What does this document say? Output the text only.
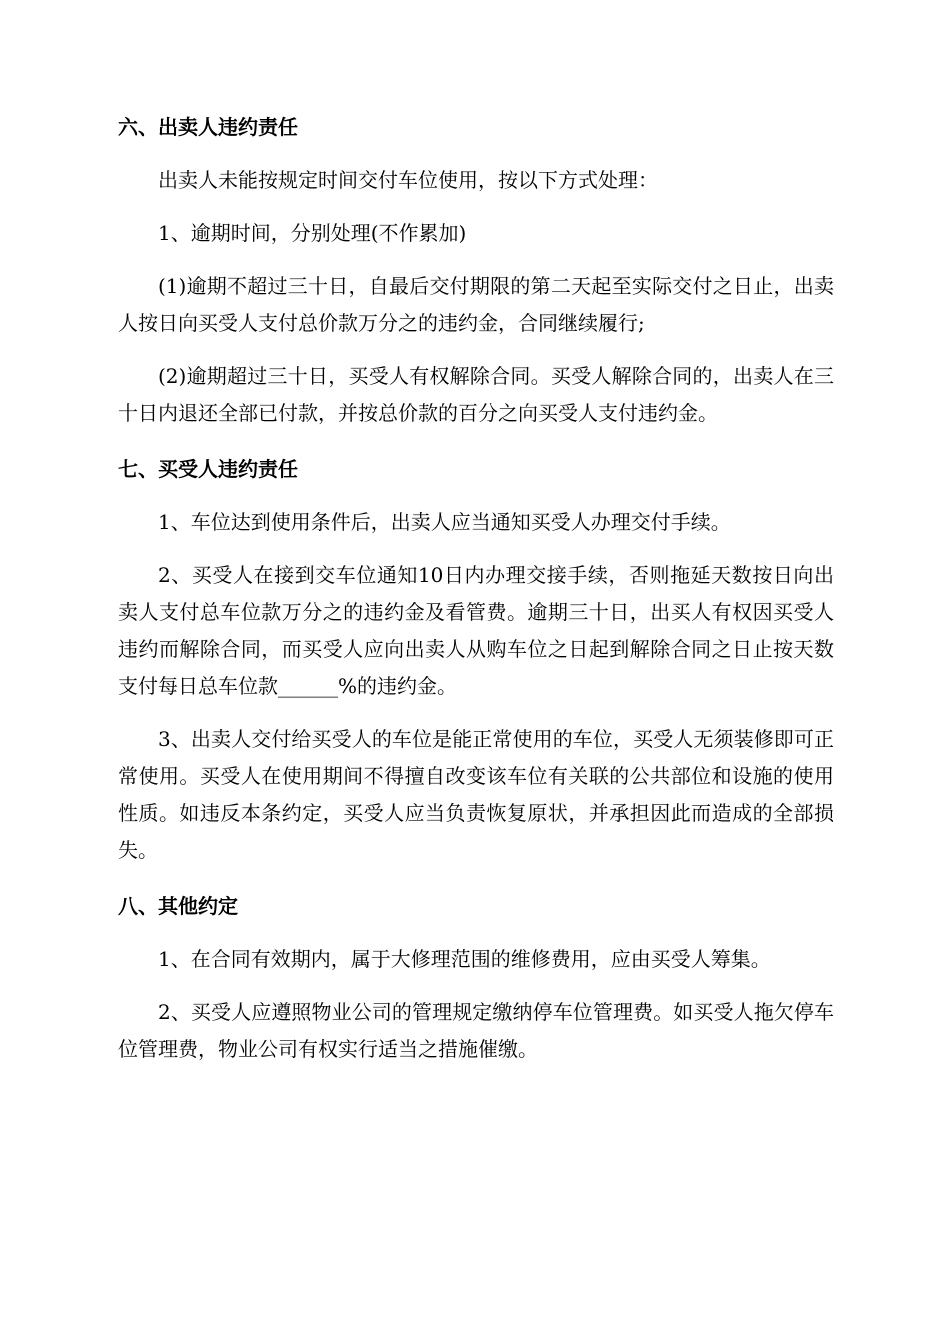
六、出卖人违约责任

出卖人未能按规定时间交付车位使用，按以下方式处理：

1、逾期时间，分别处理(不作累加)

(1)逾期不超过三十日，自最后交付期限的第二天起至实际交付之日止，出卖人按日向买受人支付总价款万分之的违约金，合同继续履行;

(2)逾期超过三十日，买受人有权解除合同。买受人解除合同的，出卖人在三十日内退还全部已付款，并按总价款的百分之向买受人支付违约金。

七、买受人违约责任

1、车位达到使用条件后，出卖人应当通知买受人办理交付手续。

2、买受人在接到交车位通知10日内办理交接手续，否则拖延天数按日向出卖人支付总车位款万分之的违约金及看管费。逾期三十日，出买人有权因买受人违约而解除合同，而买受人应向出卖人从购车位之日起到解除合同之日止按天数支付每日总车位款______%的违约金。

3、出卖人交付给买受人的车位是能正常使用的车位，买受人无须装修即可正常使用。买受人在使用期间不得擅自改变该车位有关联的公共部位和设施的使用性质。如违反本条约定，买受人应当负责恢复原状，并承担因此而造成的全部损失。

八、其他约定

1、在合同有效期内，属于大修理范围的维修费用，应由买受人筹集。

2、买受人应遵照物业公司的管理规定缴纳停车位管理费。如买受人拖欠停车位管理费，物业公司有权实行适当之措施催缴。
